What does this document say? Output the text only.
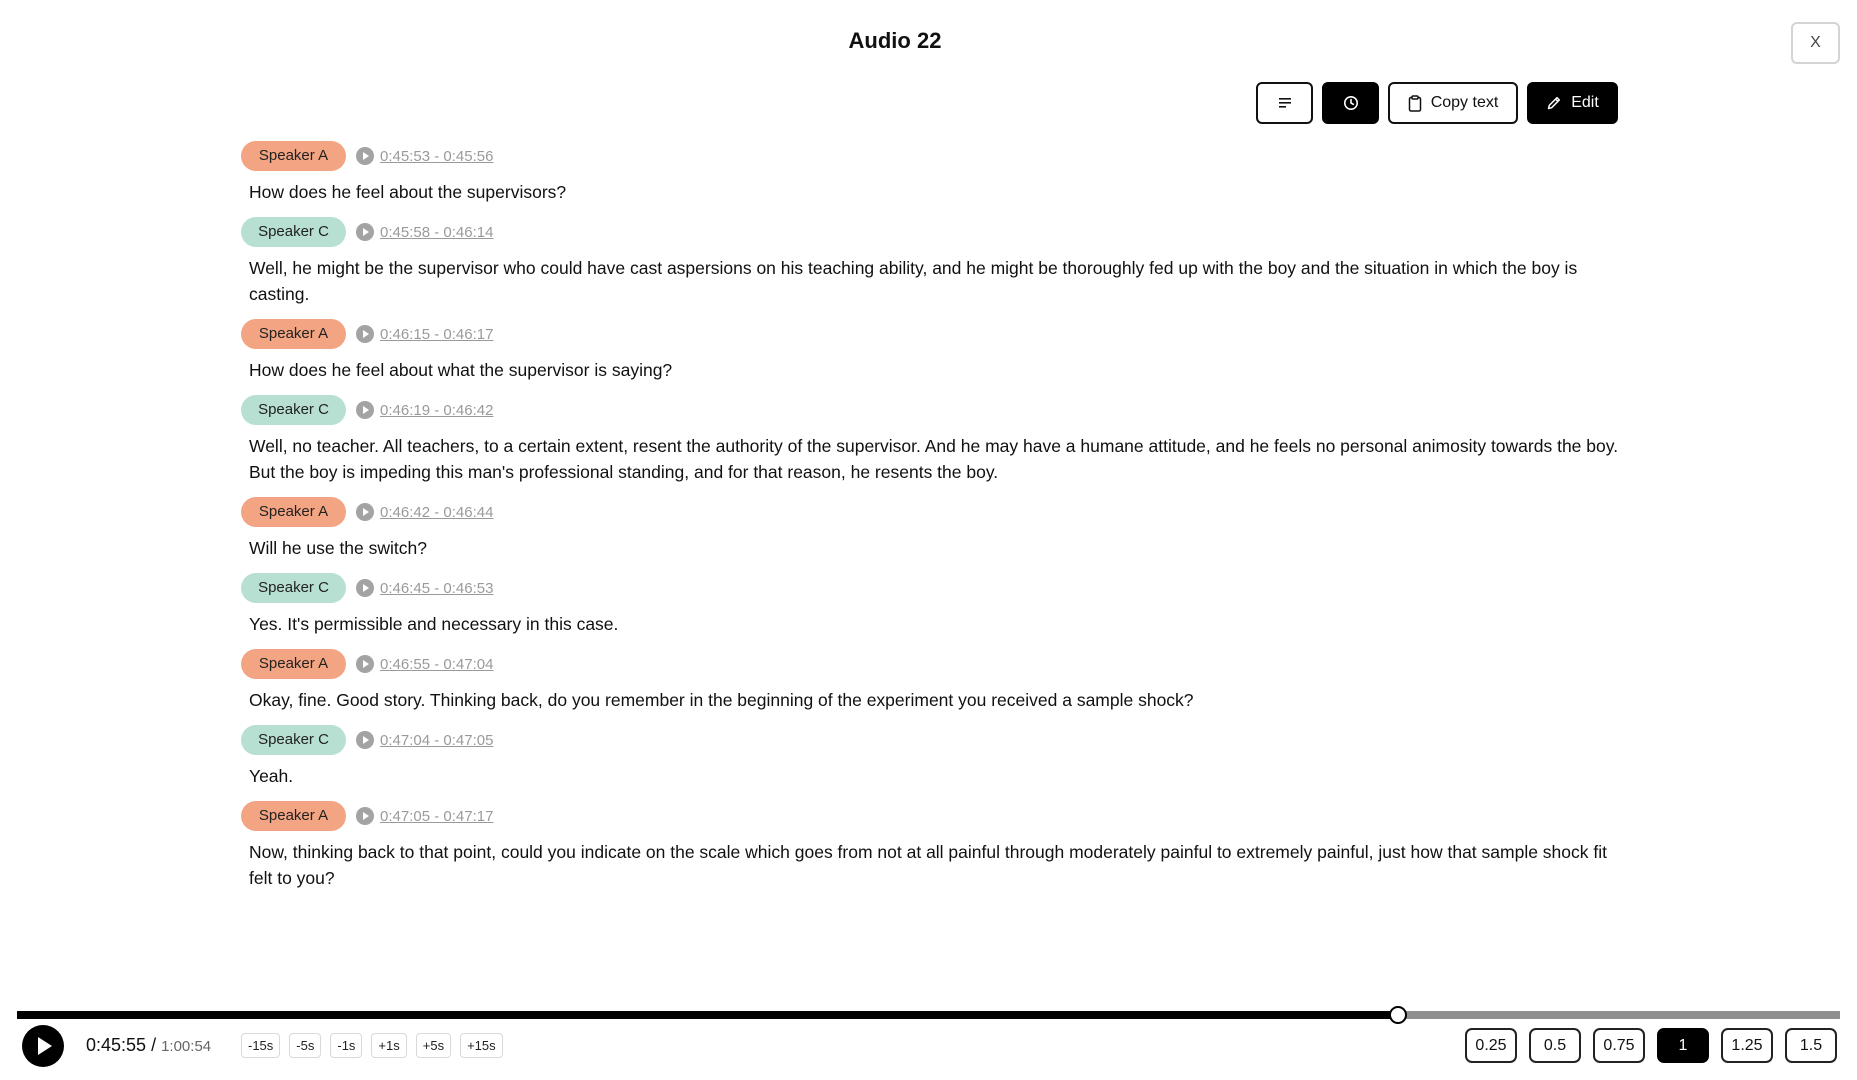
Audio 22	X
Copy text	Edit
Speaker A	0:45:53 - 0:45:56
How does he feel about the supervisors?
Speaker C	0:45:58 - 0:46:14
Well, he might be the supervisor who could have cast aspersions on his teaching ability, and he might be thoroughly fed up with the boy and the situation in which the boy is casting.
Speaker A	0:46:15 - 0:46:17
How does he feel about what the supervisor is saying?
Speaker C	0:46:19 - 0:46:42
Well, no teacher. All teachers, to a certain extent, resent the authority of the supervisor. And he may have a humane attitude, and he feels no personal animosity towards the boy. But the boy is impeding this man's professional standing, and for that reason, he resents the boy.
Speaker A	0:46:42 - 0:46:44
Will he use the switch?
Speaker C	0:46:45 - 0:46:53
Yes. It's permissible and necessary in this case.
Speaker A	0:46:55 - 0:47:04
Okay, fine. Good story. Thinking back, do you remember in the beginning of the experiment you received a sample shock?
Speaker C	0:47:04 - 0:47:05
Yeah.
Speaker A	0:47:05 - 0:47:17
Now, thinking back to that point, could you indicate on the scale which goes from not at all painful through moderately painful to extremely painful, just how that sample shock fit felt to you?
0:45:55 / 1:00:54	-15s	-5s	-1s	+1s	+5s	+15s	0.25	0.5	0.75	1	1.25	1.5
